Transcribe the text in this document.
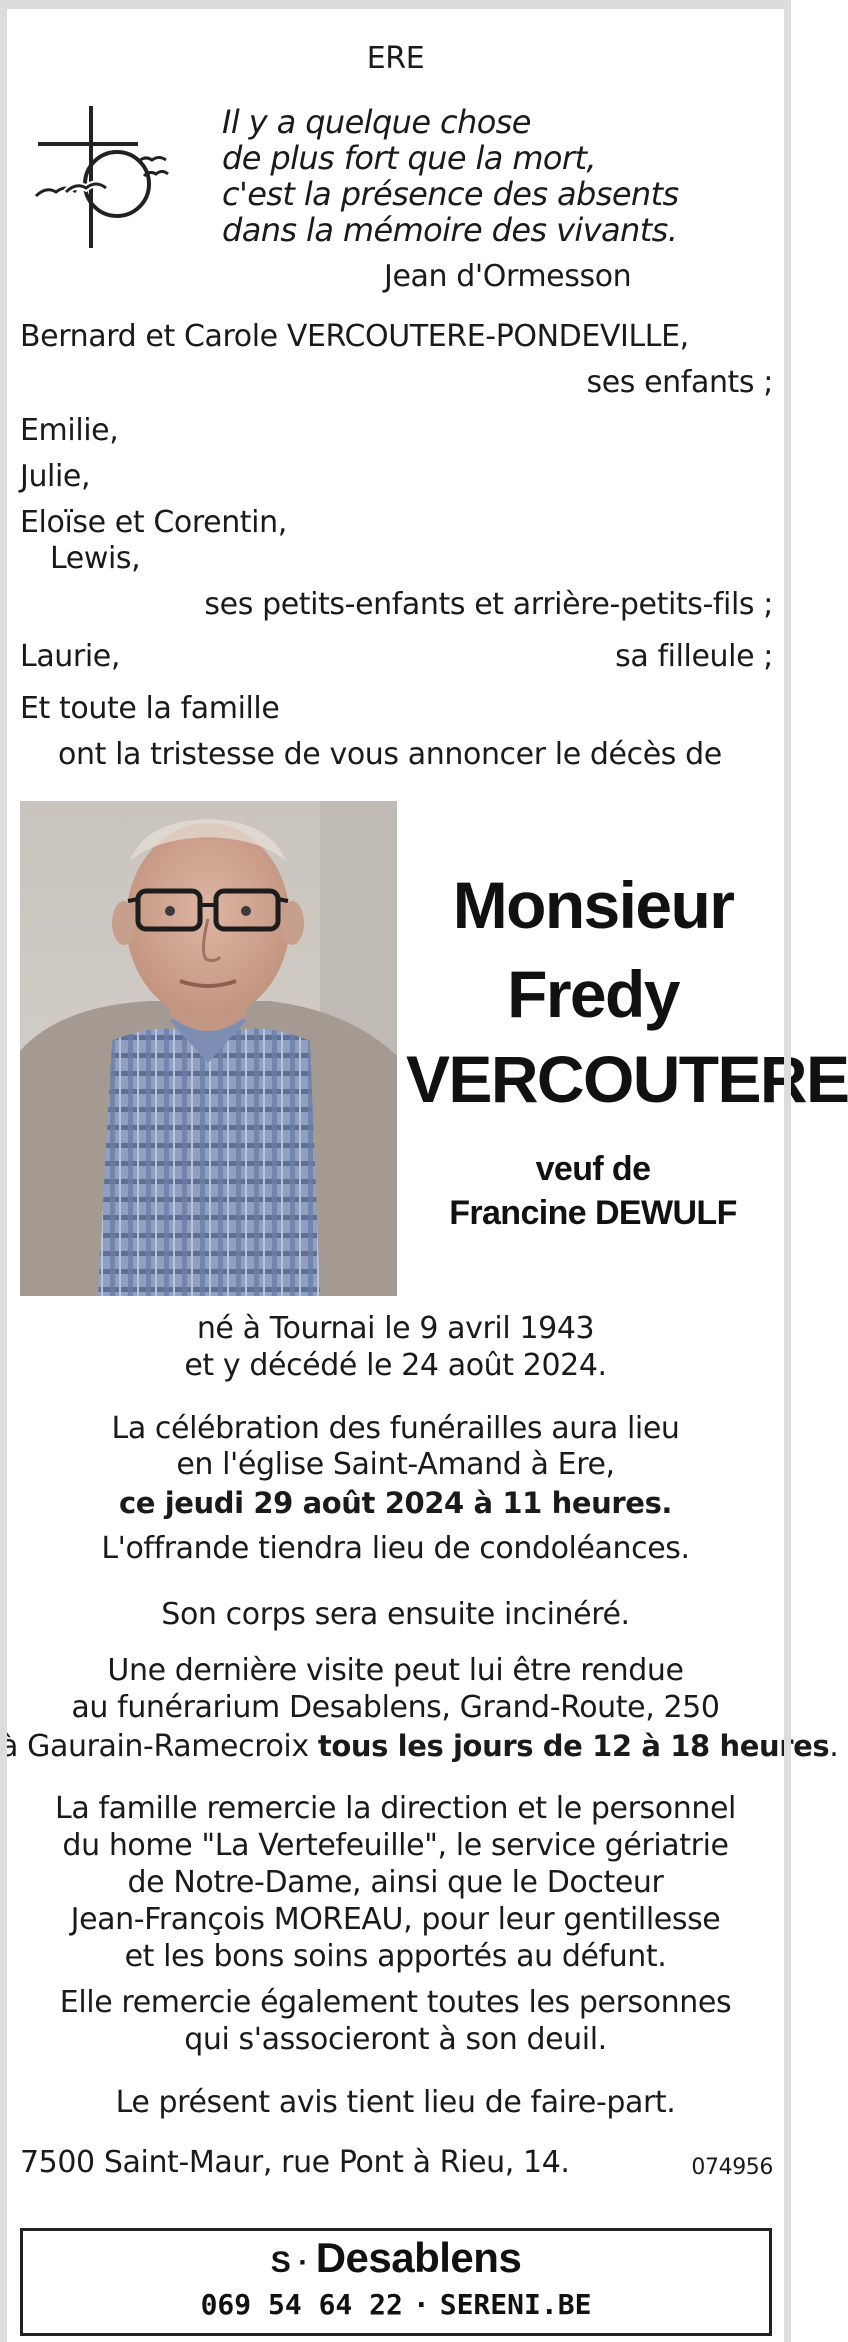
ERE
Il y a quelque chose
de plus fort que la mort,
c'est la présence des absents
dans la mémoire des vivants.
Jean d'Ormesson
Bernard et Carole VERCOUTERE-PONDEVILLE,
ses enfants ;
Emilie,
Julie,
Eloïse et Corentin,
Lewis,
ses petits-enfants et arrière-petits-fils ;
Laurie,	sa filleule ;
Et toute la famille
ont la tristesse de vous annoncer le décès de
Monsieur
Fredy
VERCOUTERE
veuf de
Francine DEWULF
né à Tournai le 9 avril 1943
et y décédé le 24 août 2024.
La célébration des funérailles aura lieu
en l'église Saint-Amand à Ere,
ce jeudi 29 août 2024 à 11 heures.
L'offrande tiendra lieu de condoléances.
Son corps sera ensuite incinéré.
Une dernière visite peut lui être rendue
au funérarium Desablens, Grand-Route, 250
à Gaurain-Ramecroix tous les jours de 12 à 18 heures.
La famille remercie la direction et le personnel
du home "La Vertefeuille", le service gériatrie
de Notre-Dame, ainsi que le Docteur
Jean-François MOREAU, pour leur gentillesse
et les bons soins apportés au défunt.
Elle remercie également toutes les personnes
qui s'associeront à son deuil.
Le présent avis tient lieu de faire-part.
7500 Saint-Maur, rue Pont à Rieu, 14.	074956
S · Desablens
069 54 64 22 · SERENI.BE
